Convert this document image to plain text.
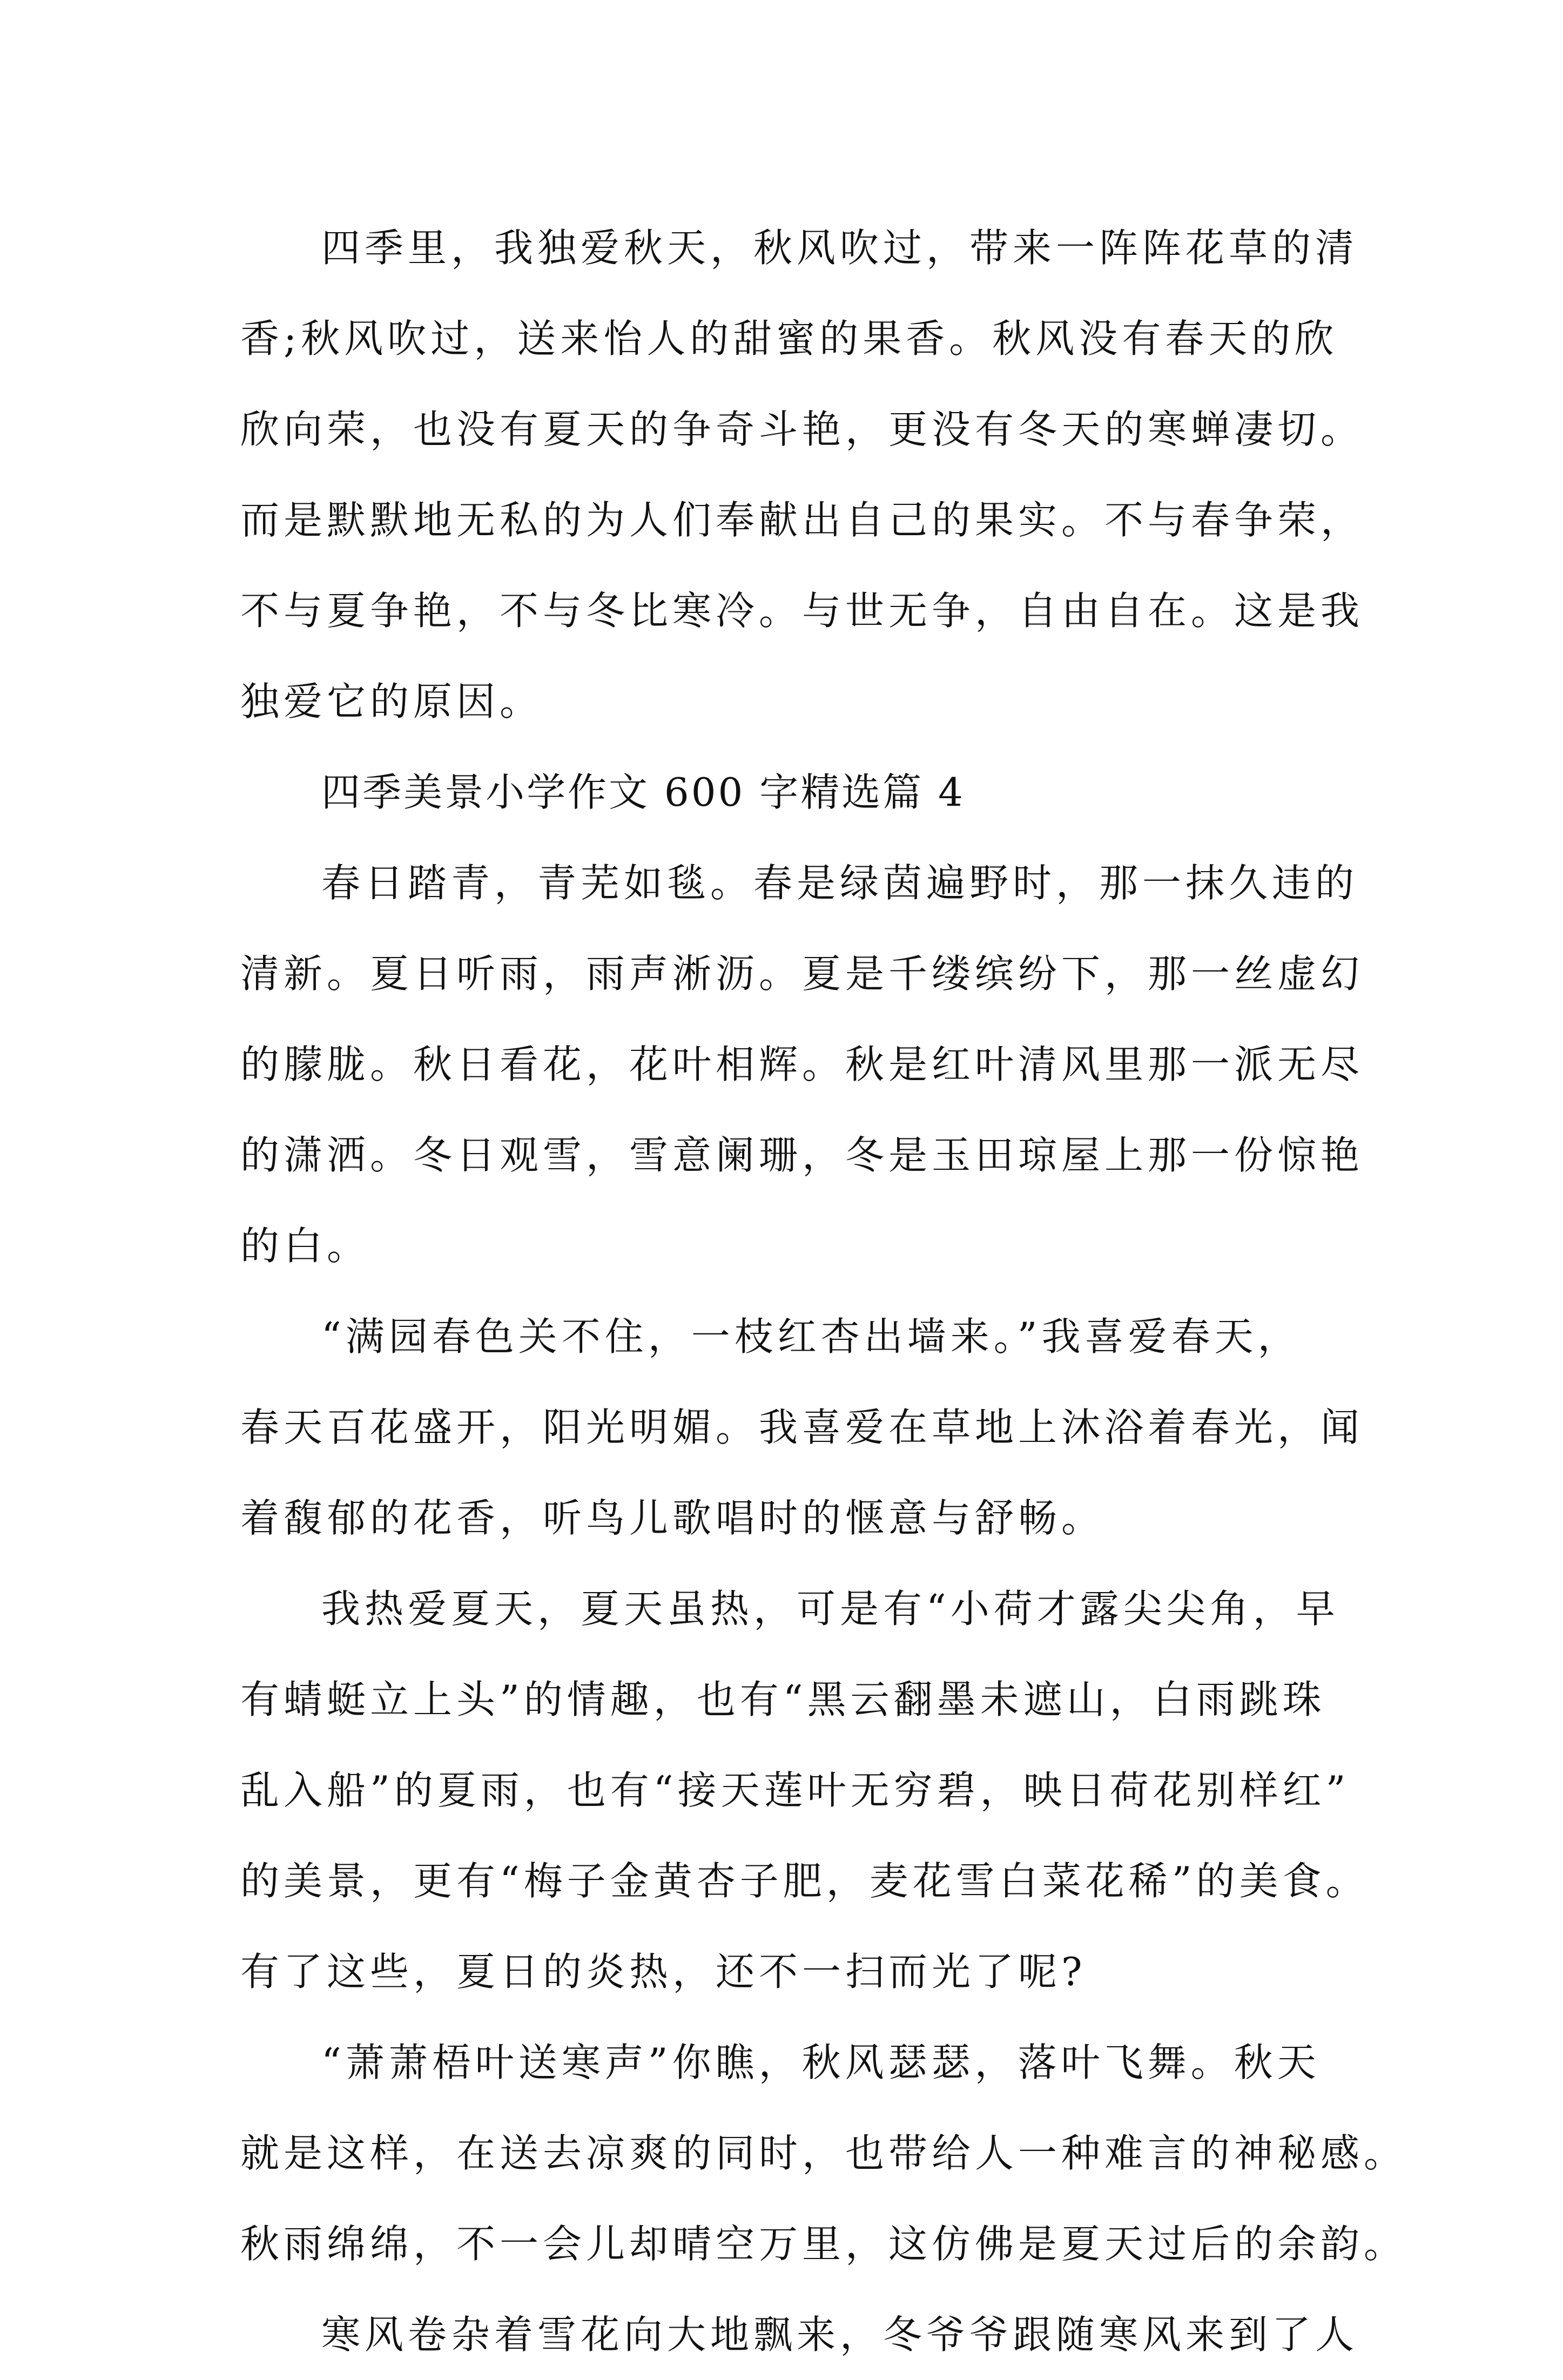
四季里，我独爱秋天，秋风吹过，带来一阵阵花草的清
香;秋风吹过，送来怡人的甜蜜的果香。秋风没有春天的欣
欣向荣，也没有夏天的争奇斗艳，更没有冬天的寒蝉凄切。
而是默默地无私的为人们奉献出自己的果实。不与春争荣，
不与夏争艳，不与冬比寒冷。与世无争，自由自在。这是我
独爱它的原因。
四季美景小学作文 600 字精选篇 4
春日踏青，青芜如毯。春是绿茵遍野时，那一抹久违的
清新。夏日听雨，雨声淅沥。夏是千缕缤纷下，那一丝虚幻
的朦胧。秋日看花，花叶相辉。秋是红叶清风里那一派无尽
的潇洒。冬日观雪，雪意阑珊，冬是玉田琼屋上那一份惊艳
的白。
“满园春色关不住，一枝红杏出墙来。”我喜爱春天，
春天百花盛开，阳光明媚。我喜爱在草地上沐浴着春光，闻
着馥郁的花香，听鸟儿歌唱时的惬意与舒畅。
我热爱夏天，夏天虽热，可是有“小荷才露尖尖角，早
有蜻蜓立上头”的情趣，也有“黑云翻墨未遮山，白雨跳珠
乱入船”的夏雨，也有“接天莲叶无穷碧，映日荷花别样红”
的美景，更有“梅子金黄杏子肥，麦花雪白菜花稀”的美食。
有了这些，夏日的炎热，还不一扫而光了呢?
“萧萧梧叶送寒声”你瞧，秋风瑟瑟，落叶飞舞。秋天
就是这样，在送去凉爽的同时，也带给人一种难言的神秘感。
秋雨绵绵，不一会儿却晴空万里，这仿佛是夏天过后的余韵。
寒风卷杂着雪花向大地飘来，冬爷爷跟随寒风来到了人
